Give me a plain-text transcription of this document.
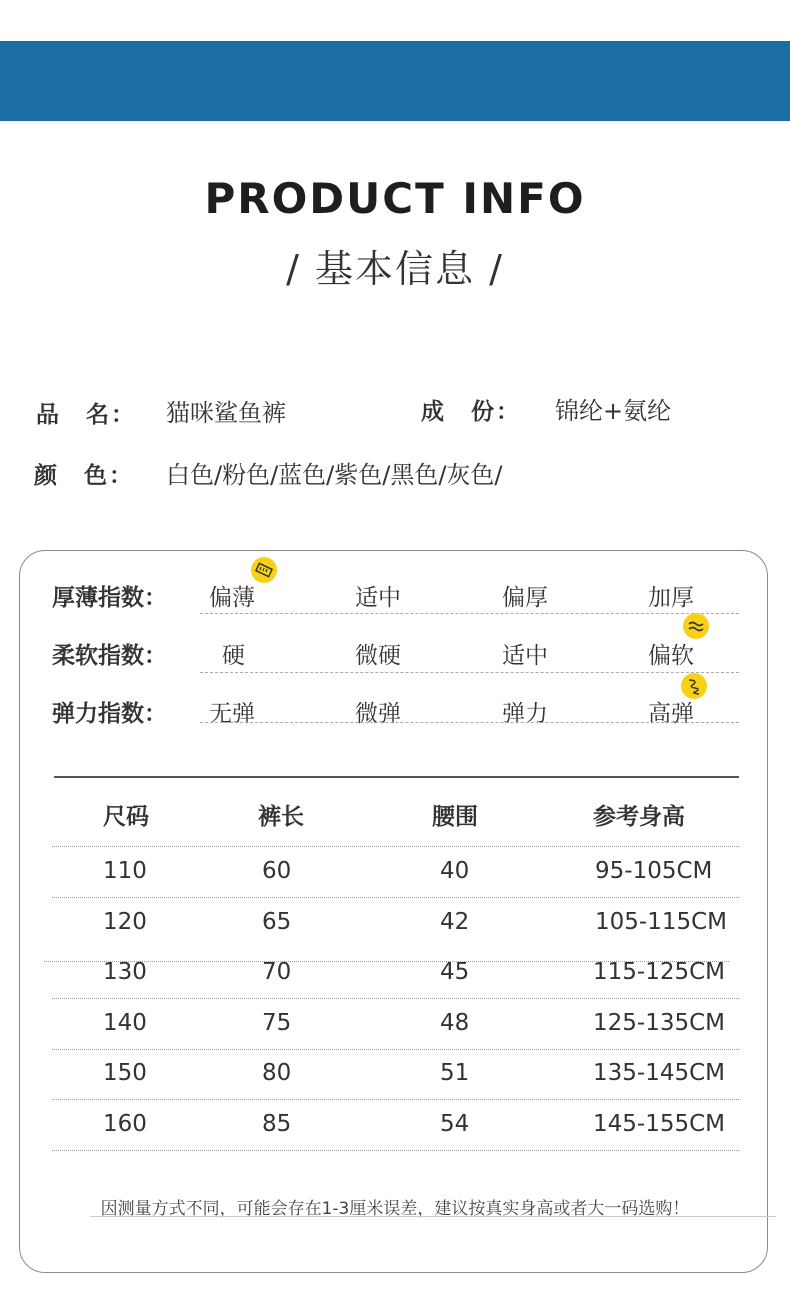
PRODUCT INFO
/ 基本信息 /
品　名： 猫咪鲨鱼裤	成　份： 锦纶+氨纶
颜　色： 白色/粉色/蓝色/紫色/黑色/灰色/
厚薄指数： 偏薄	适中	偏厚	加厚
柔软指数： 硬	微硬	适中	偏软
弹力指数： 无弹	微弹	弹力	高弹
尺码	裤长	腰围	参考身高
110	60	40	95-105CM
120	65	42	105-115CM
130	70	45	115-125CM
140	75	48	125-135CM
150	80	51	135-145CM
160	85	54	145-155CM
因测量方式不同，可能会存在1-3厘米误差，建议按真实身高或者大一码选购！
